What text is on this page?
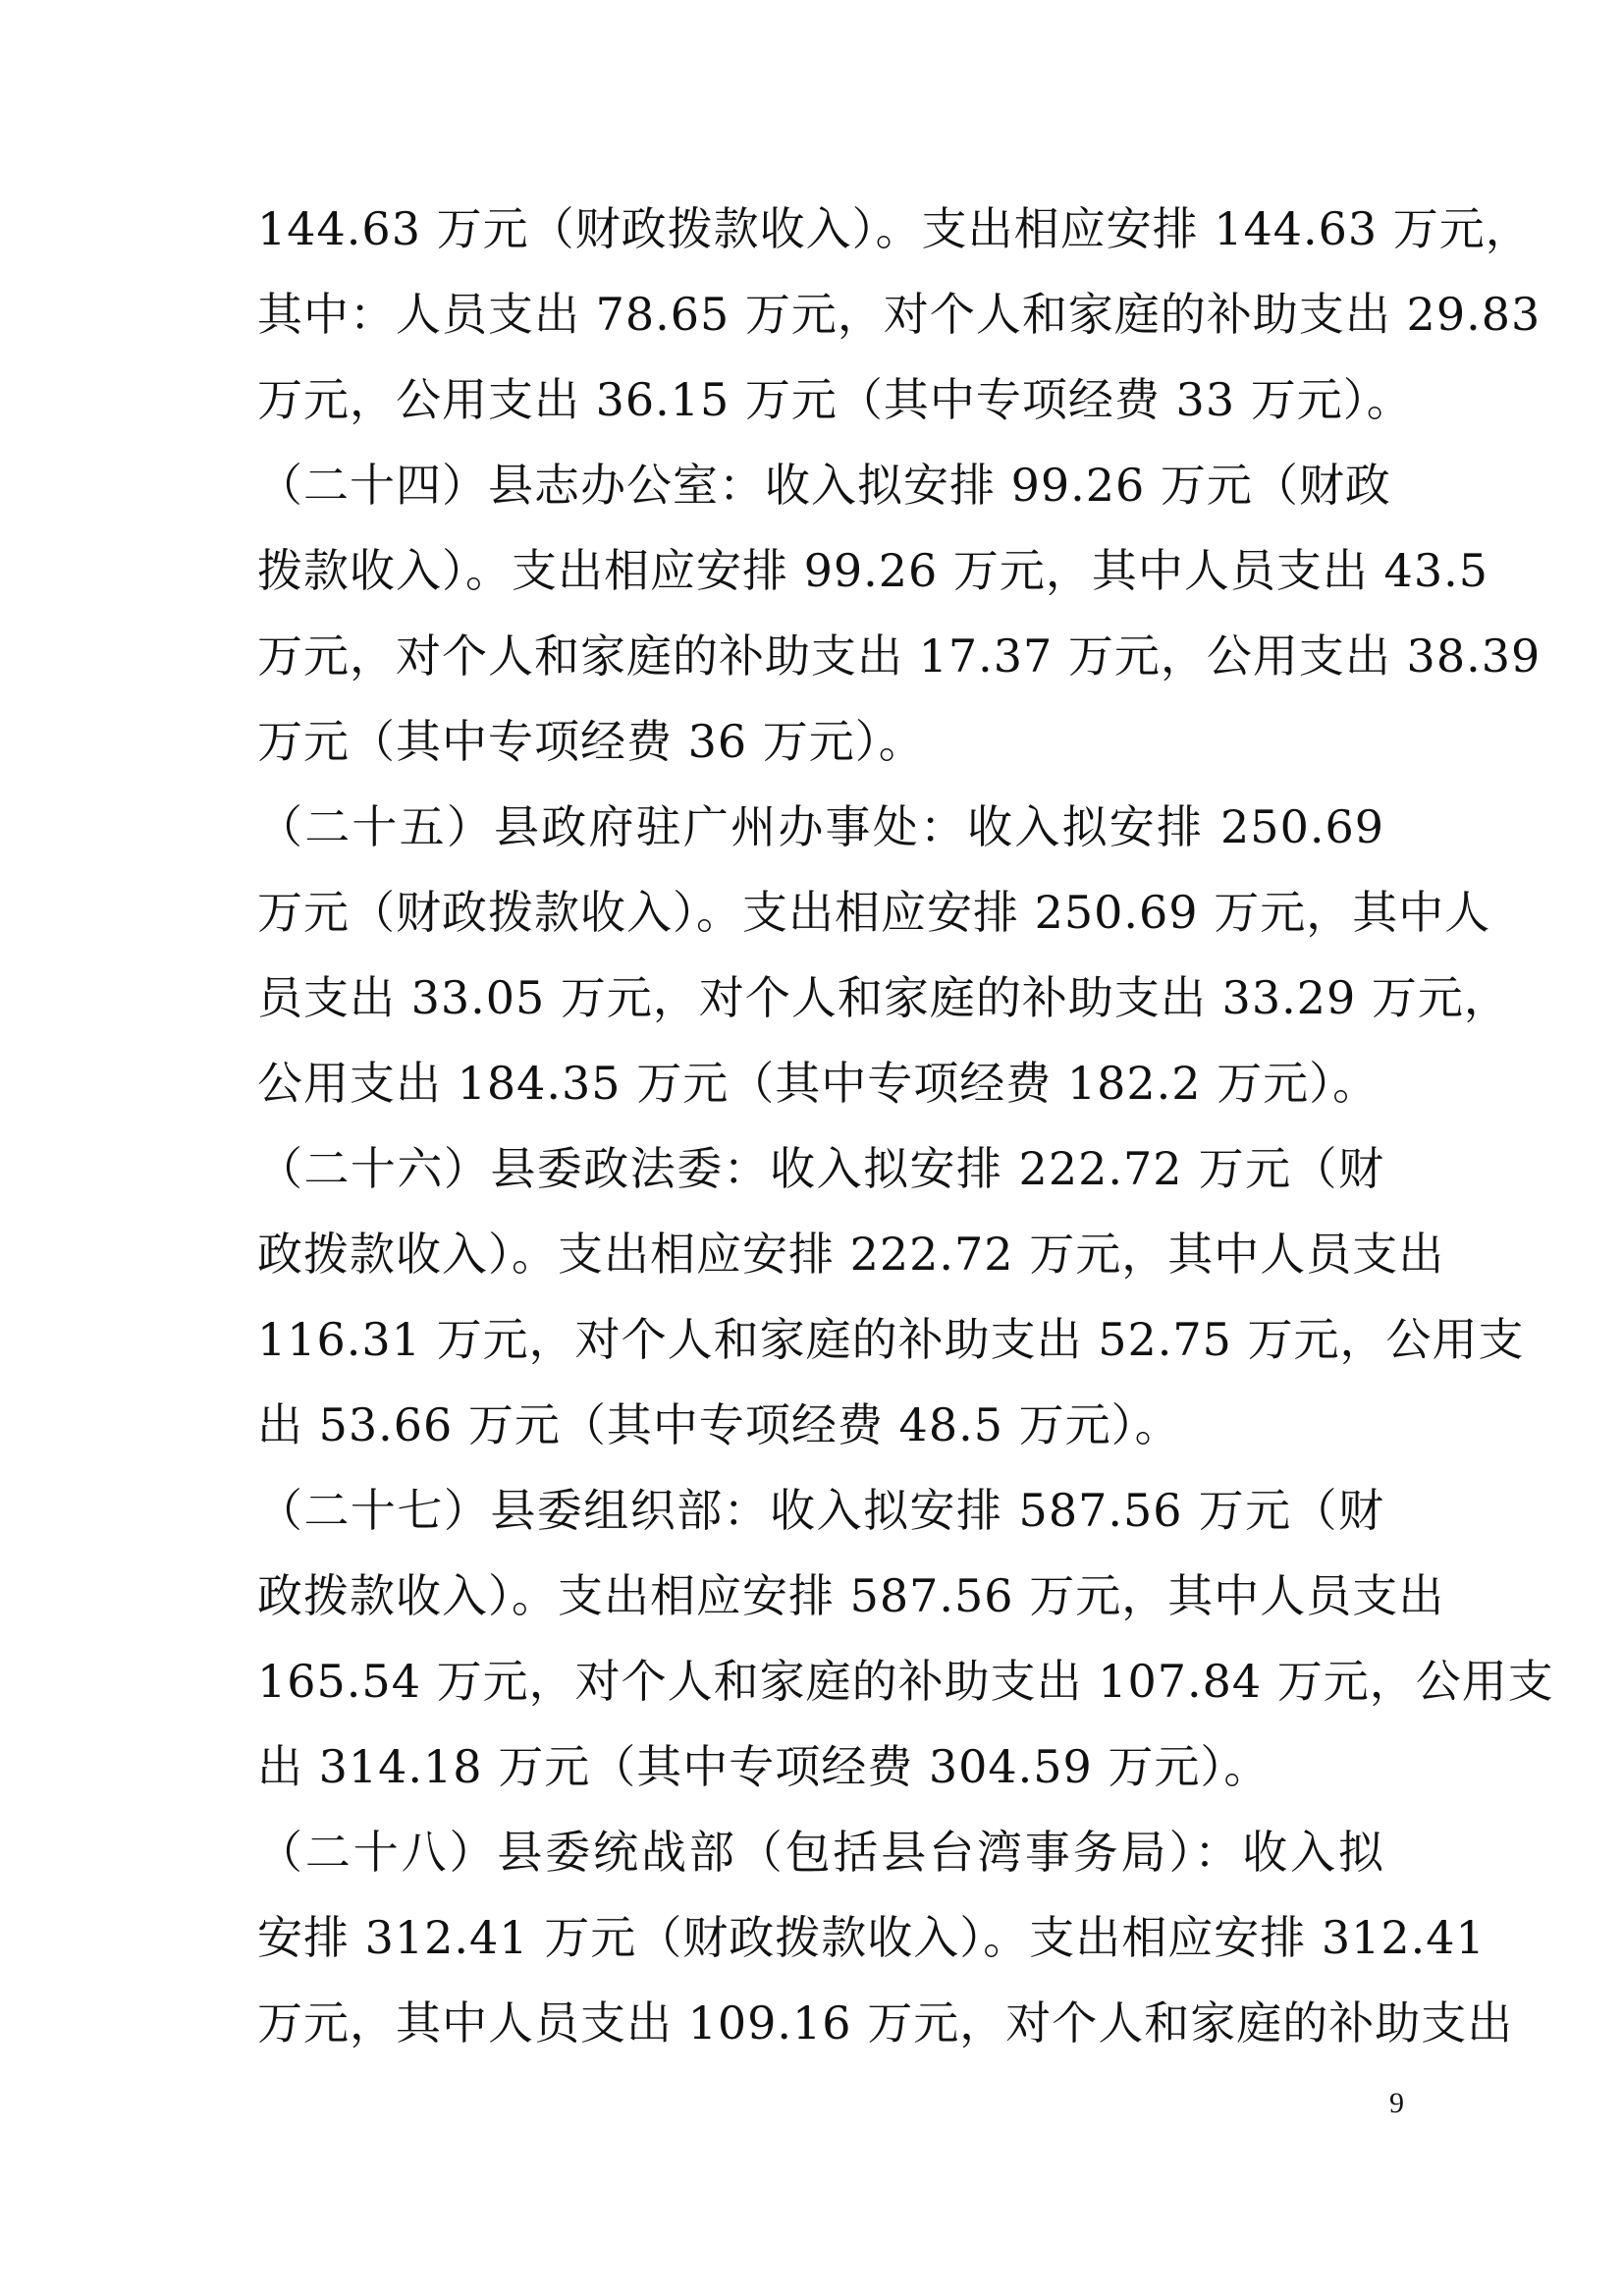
144.63 万元（财政拨款收入）。支出相应安排 144.63 万元，
其中：人员支出 78.65 万元，对个人和家庭的补助支出 29.83
万元，公用支出 36.15 万元（其中专项经费 33 万元）。
（二十四）县志办公室：收入拟安排 99.26 万元（财政
拨款收入）。支出相应安排 99.26 万元，其中人员支出 43.5
万元，对个人和家庭的补助支出 17.37 万元，公用支出 38.39
万元（其中专项经费 36 万元）。
（二十五）县政府驻广州办事处：收入拟安排 250.69
万元（财政拨款收入）。支出相应安排 250.69 万元，其中人
员支出 33.05 万元，对个人和家庭的补助支出 33.29 万元，
公用支出 184.35 万元（其中专项经费 182.2 万元）。
（二十六）县委政法委：收入拟安排 222.72 万元（财
政拨款收入）。支出相应安排 222.72 万元，其中人员支出
116.31 万元，对个人和家庭的补助支出 52.75 万元，公用支
出 53.66 万元（其中专项经费 48.5 万元）。
（二十七）县委组织部：收入拟安排 587.56 万元（财
政拨款收入）。支出相应安排 587.56 万元，其中人员支出
165.54 万元，对个人和家庭的补助支出 107.84 万元，公用支
出 314.18 万元（其中专项经费 304.59 万元）。
（二十八）县委统战部（包括县台湾事务局）：收入拟
安排 312.41 万元（财政拨款收入）。支出相应安排 312.41
万元，其中人员支出 109.16 万元，对个人和家庭的补助支出
9
